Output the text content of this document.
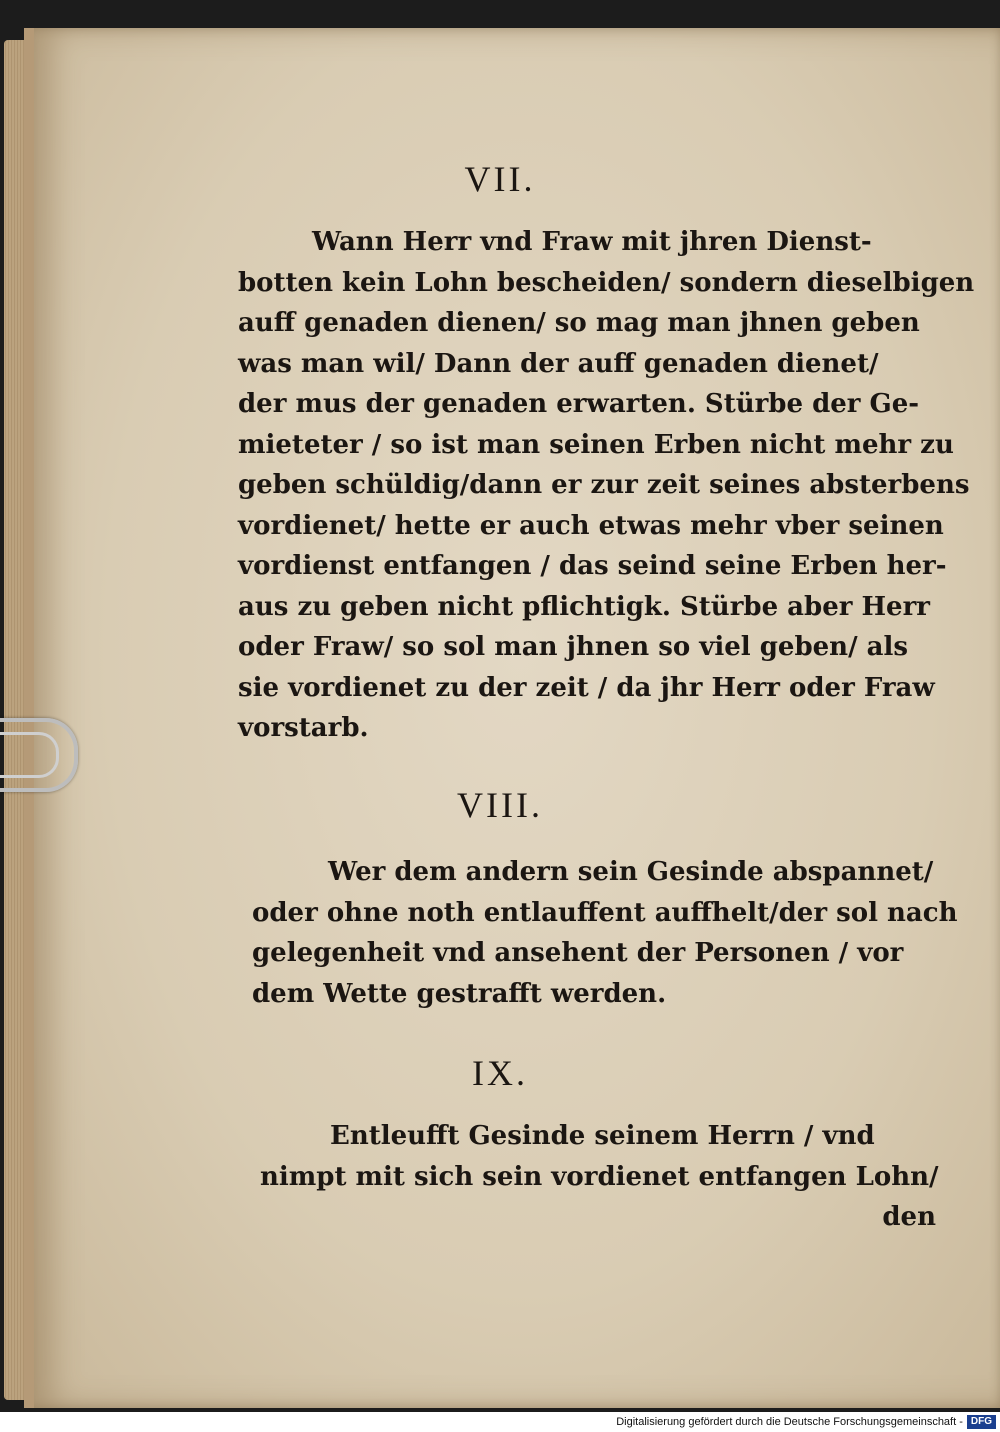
VII.
Wann Herr vnd Fraw mit jhren Dienst-
botten kein Lohn bescheiden/ sondern dieselbigen
auff genaden dienen/ so mag man jhnen geben
was man wil/ Dann der auff genaden dienet/
der mus der genaden erwarten. Stürbe der Ge-
mieteter / so ist man seinen Erben nicht mehr zu
geben schüldig/dann er zur zeit seines absterbens
vordienet/ hette er auch etwas mehr vber seinen
vordienst entfangen / das seind seine Erben her-
aus zu geben nicht pflichtigk. Stürbe aber Herr
oder Fraw/ so sol man jhnen so viel geben/ als
sie vordienet zu der zeit / da jhr Herr oder Fraw
vorstarb.
VIII.
Wer dem andern sein Gesinde abspannet/
oder ohne noth entlauffent auffhelt/der sol nach
gelegenheit vnd ansehent der Personen / vor
dem Wette gestrafft werden.
IX.
Entleufft Gesinde seinem Herrn / vnd
nimpt mit sich sein vordienet entfangen Lohn/
den
Digitalisierung gefördert durch die Deutsche Forschungsgemeinschaft - DFG
